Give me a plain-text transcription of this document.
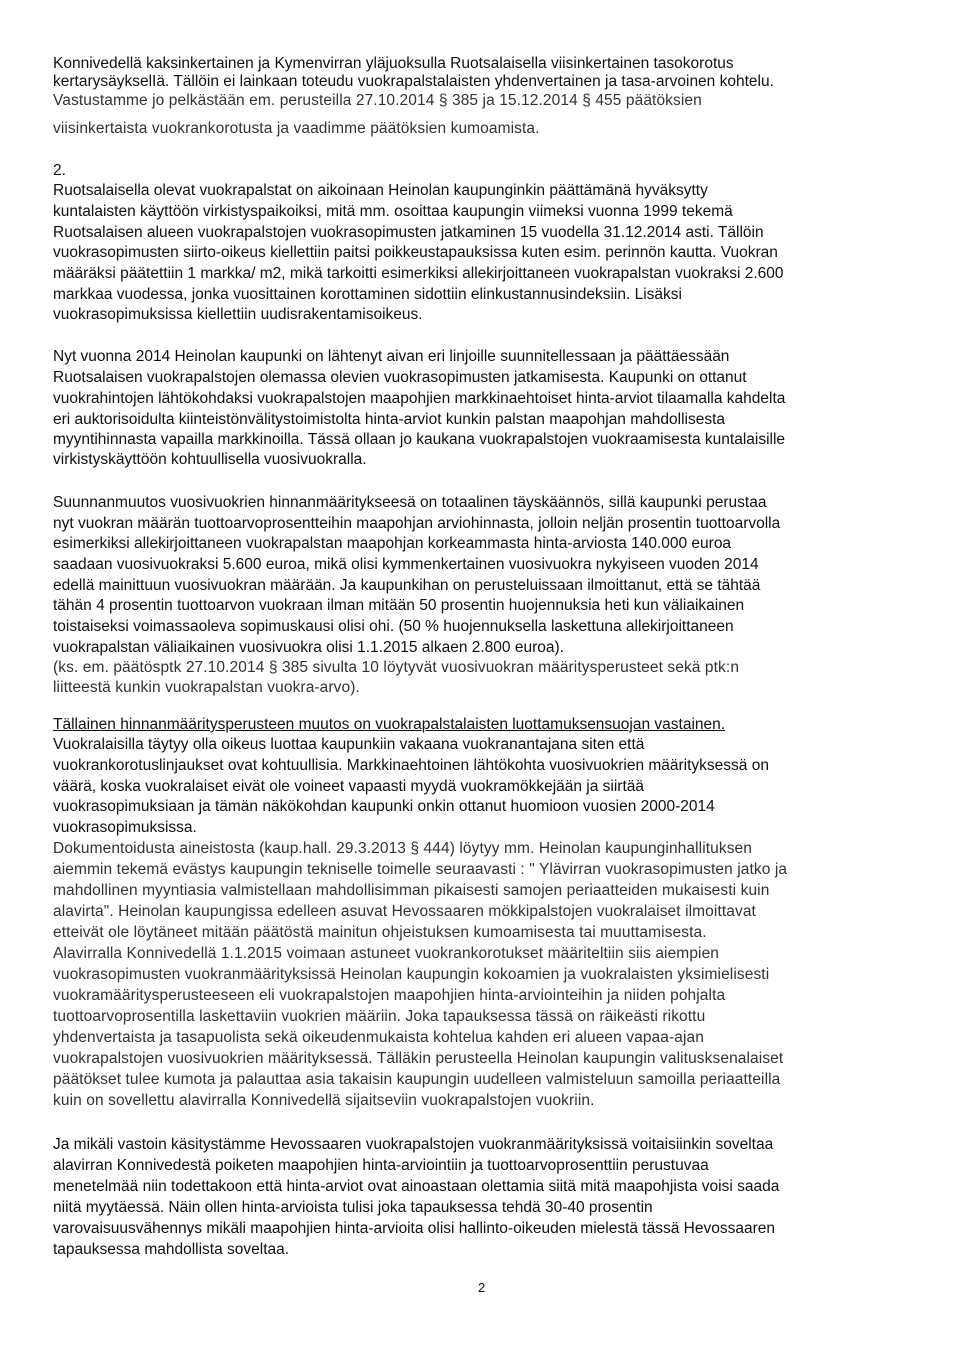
Konnivedellä kaksinkertainen ja Kymenvirran yläjuoksulla Ruotsalaisella viisinkertainen tasokorotus
kertarysäykselIä. Tällöin ei lainkaan toteudu vuokrapalstalaisten yhdenvertainen ja tasa-arvoinen kohtelu.
Vastustamme jo pelkästään em. perusteilla 27.10.2014 § 385 ja 15.12.2014 § 455 päätöksien
viisinkertaista vuokrankorotusta ja vaadimme päätöksien kumoamista.
2.
Ruotsalaisella olevat vuokrapalstat on aikoinaan Heinolan kaupunginkin päättämänä hyväksytty
kuntalaisten käyttöön virkistyspaikoiksi, mitä mm. osoittaa kaupungin viimeksi vuonna 1999 tekemä
Ruotsalaisen alueen vuokrapalstojen vuokrasopimusten jatkaminen 15 vuodella 31.12.2014 asti. Tällöin
vuokrasopimusten siirto-oikeus kiellettiin paitsi poikkeustapauksissa kuten esim. perinnön kautta. Vuokran
määräksi päätettiin 1 markka/ m2, mikä tarkoitti esimerkiksi allekirjoittaneen vuokrapalstan vuokraksi 2.600
markkaa vuodessa, jonka vuosittainen korottaminen sidottiin elinkustannusindeksiin. Lisäksi
vuokrasopimuksissa kiellettiin uudisrakentamisoikeus.
Nyt vuonna 2014 Heinolan kaupunki on lähtenyt aivan eri linjoille suunnitellessaan ja päättäessään
Ruotsalaisen vuokrapalstojen olemassa olevien vuokrasopimusten jatkamisesta. Kaupunki on ottanut
vuokrahintojen lähtökohdaksi vuokrapalstojen maapohjien markkinaehtoiset hinta-arviot tilaamalla kahdelta
eri auktorisoidulta kiinteistönvälitystoimistolta hinta-arviot kunkin palstan maapohjan mahdollisesta
myyntihinnasta vapailla markkinoilla. Tässä ollaan jo kaukana vuokrapalstojen vuokraamisesta kuntalaisille
virkistyskäyttöön kohtuullisella vuosivuokralla.
Suunnanmuutos vuosivuokrien hinnanmääritykseesä on totaalinen täyskäännös, sillä kaupunki perustaa
nyt vuokran määrän tuottoarvoprosentteihin maapohjan arviohinnasta, jolloin neljän prosentin tuottoarvolla
esimerkiksi allekirjoittaneen vuokrapalstan maapohjan korkeammasta hinta-arviosta 140.000 euroa
saadaan vuosivuokraksi 5.600 euroa, mikä olisi kymmenkertainen vuosivuokra nykyiseen vuoden 2014
edellä mainittuun vuosivuokran määrään. Ja kaupunkihan on perusteluissaan ilmoittanut, että se tähtää
tähän 4 prosentin tuottoarvon vuokraan ilman mitään 50 prosentin huojennuksia heti kun väliaikainen
toistaiseksi voimassaoleva sopimuskausi olisi ohi. (50 % huojennuksella laskettuna allekirjoittaneen
vuokrapalstan väliaikainen vuosivuokra olisi 1.1.2015 alkaen 2.800 euroa).
(ks. em. päätösptk 27.10.2014 § 385 sivulta 10 löytyvät vuosivuokran määritysperusteet sekä ptk:n
liitteestä kunkin vuokrapalstan vuokra-arvo).
Tällainen hinnanmääritysperusteen muutos on vuokrapalstalaisten luottamuksensuojan vastainen.
Vuokralaisilla täytyy olla oikeus luottaa kaupunkiin vakaana vuokranantajana siten että
vuokrankorotuslinjaukset ovat kohtuullisia. Markkinaehtoinen lähtökohta vuosivuokrien määrityksessä on
väärä, koska vuokralaiset eivät ole voineet vapaasti myydä vuokramökkejään ja siirtää
vuokrasopimuksiaan ja tämän näkökohdan kaupunki onkin ottanut huomioon vuosien 2000-2014
vuokrasopimuksissa.
Dokumentoidusta aineistosta (kaup.hall. 29.3.2013 § 444) löytyy mm. Heinolan kaupunginhallituksen
aiemmin tekemä evästys kaupungin tekniselle toimelle seuraavasti : " Ylävirran vuokrasopimusten jatko ja
mahdollinen myyntiasia valmistellaan mahdollisimman pikaisesti samojen periaatteiden mukaisesti kuin
alavirta". Heinolan kaupungissa edelleen asuvat Hevossaaren mökkipalstojen vuokralaiset ilmoittavat
etteivät ole löytäneet mitään päätöstä mainitun ohjeistuksen kumoamisesta tai muuttamisesta.
Alavirralla Konnivedellä 1.1.2015 voimaan astuneet vuokrankorotukset määriteltiin siis aiempien
vuokrasopimusten vuokranmäärityksissä Heinolan kaupungin kokoamien ja vuokralaisten yksimielisesti
vuokramääritysperusteeseen eli vuokrapalstojen maapohjien hinta-arviointeihin ja niiden pohjalta
tuottoarvoprosentilla laskettaviin vuokrien määriin. Joka tapauksessa tässä on räikeästi rikottu
yhdenvertaista ja tasapuolista sekä oikeudenmukaista kohtelua kahden eri alueen vapaa-ajan
vuokrapalstojen vuosivuokrien määrityksessä. Tälläkin perusteella Heinolan kaupungin valitusksenalaiset
päätökset tulee kumota ja palauttaa asia takaisin kaupungin uudelleen valmisteluun samoilla periaatteilla
kuin on sovellettu alavirralla Konnivedellä sijaitseviin vuokrapalstojen vuokriin.
Ja mikäli vastoin käsitystämme Hevossaaren vuokrapalstojen vuokranmäärityksissä voitaisiinkin soveltaa
alavirran Konnivedestä poiketen maapohjien hinta-arviointiin ja tuottoarvoprosenttiin perustuvaa
menetelmää niin todettakoon että hinta-arviot ovat ainoastaan olettamia siitä mitä maapohjista voisi saada
niitä myytäessä. Näin ollen hinta-arvioista tulisi joka tapauksessa tehdä 30-40 prosentin
varovaisuusvähennys mikäli maapohjien hinta-arvioita olisi hallinto-oikeuden mielestä tässä Hevossaaren
tapauksessa mahdollista soveltaa.
2
